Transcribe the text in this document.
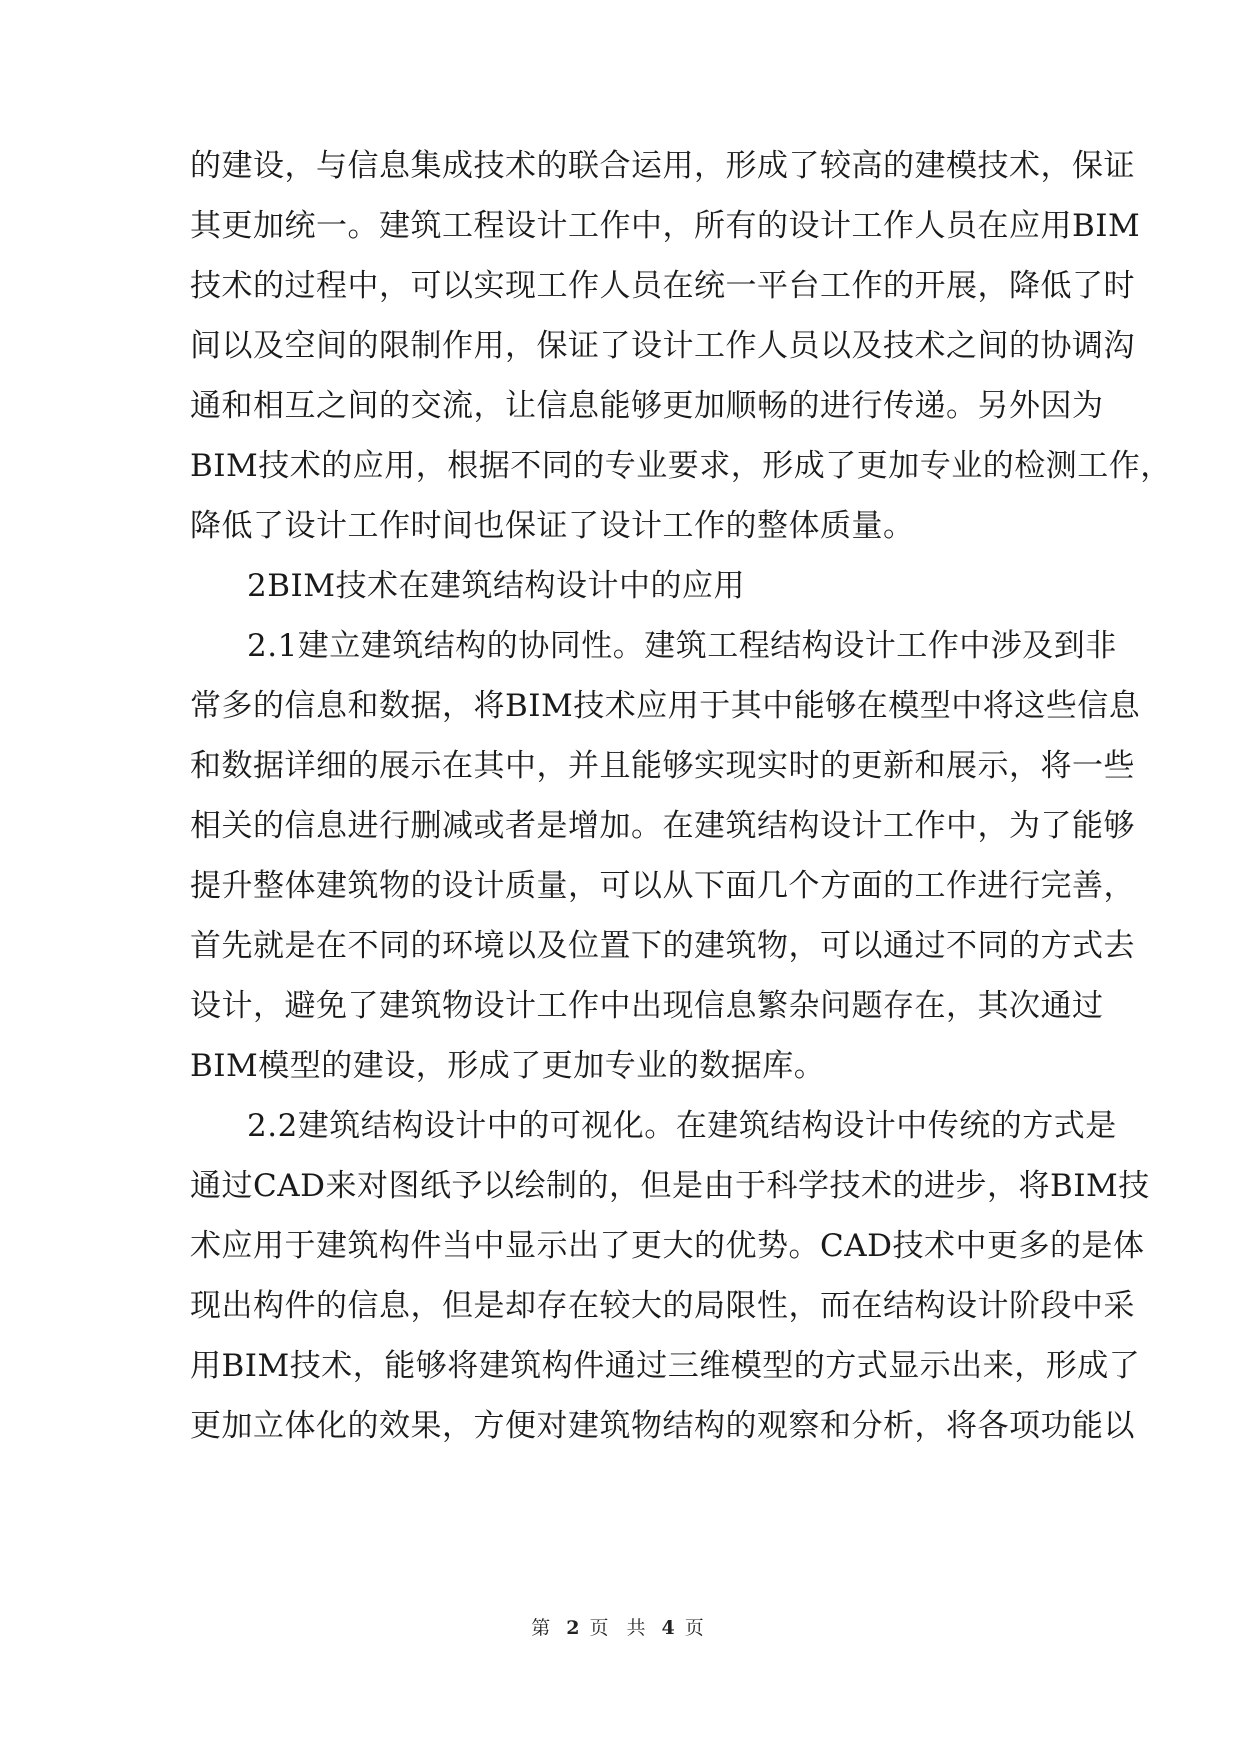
的建设，与信息集成技术的联合运用，形成了较高的建模技术，保证
其更加统一。建筑工程设计工作中，所有的设计工作人员在应用BIM
技术的过程中，可以实现工作人员在统一平台工作的开展，降低了时
间以及空间的限制作用，保证了设计工作人员以及技术之间的协调沟
通和相互之间的交流，让信息能够更加顺畅的进行传递。另外因为
BIM技术的应用，根据不同的专业要求，形成了更加专业的检测工作，
降低了设计工作时间也保证了设计工作的整体质量。
2BIM技术在建筑结构设计中的应用
2.1建立建筑结构的协同性。建筑工程结构设计工作中涉及到非
常多的信息和数据，将BIM技术应用于其中能够在模型中将这些信息
和数据详细的展示在其中，并且能够实现实时的更新和展示，将一些
相关的信息进行删减或者是增加。在建筑结构设计工作中，为了能够
提升整体建筑物的设计质量，可以从下面几个方面的工作进行完善，
首先就是在不同的环境以及位置下的建筑物，可以通过不同的方式去
设计，避免了建筑物设计工作中出现信息繁杂问题存在，其次通过
BIM模型的建设，形成了更加专业的数据库。
2.2建筑结构设计中的可视化。在建筑结构设计中传统的方式是
通过CAD来对图纸予以绘制的，但是由于科学技术的进步，将BIM技
术应用于建筑构件当中显示出了更大的优势。CAD技术中更多的是体
现出构件的信息，但是却存在较大的局限性，而在结构设计阶段中采
用BIM技术，能够将建筑构件通过三维模型的方式显示出来，形成了
更加立体化的效果，方便对建筑物结构的观察和分析，将各项功能以
第 2 页 共 4 页
